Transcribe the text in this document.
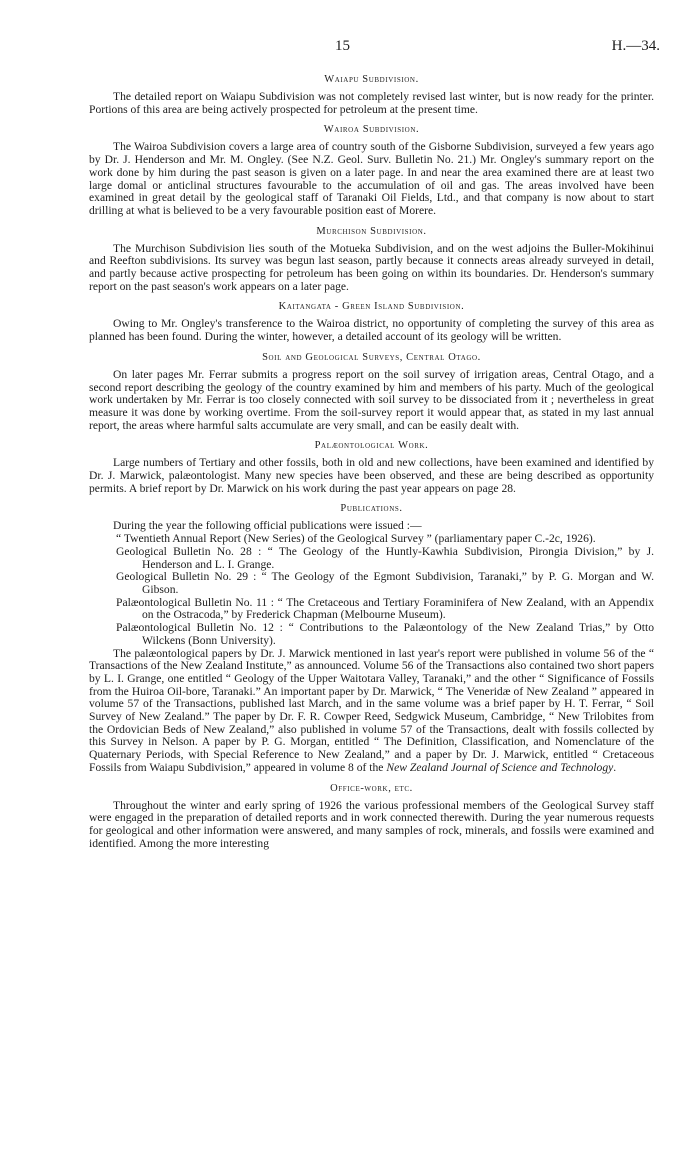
15	H.—34.
Waiapu Subdivision.

The detailed report on Waiapu Subdivision was not completely revised last winter, but is now ready for the printer. Portions of this area are being actively prospected for petroleum at the present time.

Wairoa Subdivision.

The Wairoa Subdivision covers a large area of country south of the Gisborne Subdivision, surveyed a few years ago by Dr. J. Henderson and Mr. M. Ongley. (See N.Z. Geol. Surv. Bulletin No. 21.) Mr. Ongley's summary report on the work done by him during the past season is given on a later page. In and near the area examined there are at least two large domal or anticlinal structures favourable to the accumulation of oil and gas. The areas involved have been examined in great detail by the geological staff of Taranaki Oil Fields, Ltd., and that company is now about to start drilling at what is believed to be a very favourable position east of Morere.

Murchison Subdivision.

The Murchison Subdivision lies south of the Motueka Subdivision, and on the west adjoins the Buller-Mokihinui and Reefton subdivisions. Its survey was begun last season, partly because it connects areas already surveyed in detail, and partly because active prospecting for petroleum has been going on within its boundaries. Dr. Henderson's summary report on the past season's work appears on a later page.

Kaitangata - Green Island Subdivision.

Owing to Mr. Ongley's transference to the Wairoa district, no opportunity of completing the survey of this area as planned has been found. During the winter, however, a detailed account of its geology will be written.

Soil and Geological Surveys, Central Otago.

On later pages Mr. Ferrar submits a progress report on the soil survey of irrigation areas, Central Otago, and a second report describing the geology of the country examined by him and members of his party. Much of the geological work undertaken by Mr. Ferrar is too closely connected with soil survey to be dissociated from it ; nevertheless in great measure it was done by working overtime. From the soil-survey report it would appear that, as stated in my last annual report, the areas where harmful salts accumulate are very small, and can be easily dealt with.

Palæontological Work.

Large numbers of Tertiary and other fossils, both in old and new collections, have been examined and identified by Dr. J. Marwick, palæontologist. Many new species have been observed, and these are being described as opportunity permits. A brief report by Dr. Marwick on his work during the past year appears on page 28.

Publications.

During the year the following official publications were issued :—

“ Twentieth Annual Report (New Series) of the Geological Survey ” (parliamentary paper C.-2c, 1926).
Geological Bulletin No. 28 : “ The Geology of the Huntly-Kawhia Subdivision, Pirongia Division,” by J. Henderson and L. I. Grange.
Geological Bulletin No. 29 : “ The Geology of the Egmont Subdivision, Taranaki,” by P. G. Morgan and W. Gibson.
Palæontological Bulletin No. 11 : “ The Cretaceous and Tertiary Foraminifera of New Zealand, with an Appendix on the Ostracoda,” by Frederick Chapman (Melbourne Museum).
Palæontological Bulletin No. 12 : “ Contributions to the Palæontology of the New Zealand Trias,” by Otto Wilckens (Bonn University).

The palæontological papers by Dr. J. Marwick mentioned in last year's report were published in volume 56 of the “ Transactions of the New Zealand Institute,” as announced. Volume 56 of the Transactions also contained two short papers by L. I. Grange, one entitled “ Geology of the Upper Waitotara Valley, Taranaki,” and the other “ Significance of Fossils from the Huiroa Oil-bore, Taranaki.” An important paper by Dr. Marwick, “ The Veneridæ of New Zealand ” appeared in volume 57 of the Transactions, published last March, and in the same volume was a brief paper by H. T. Ferrar, “ Soil Survey of New Zealand.” The paper by Dr. F. R. Cowper Reed, Sedgwick Museum, Cambridge, “ New Trilobites from the Ordovician Beds of New Zealand,” also published in volume 57 of the Transactions, dealt with fossils collected by this Survey in Nelson. A paper by P. G. Morgan, entitled “ The Definition, Classification, and Nomenclature of the Quaternary Periods, with Special Reference to New Zealand,” and a paper by Dr. J. Marwick, entitled “ Cretaceous Fossils from Waiapu Subdivision,” appeared in volume 8 of the New Zealand Journal of Science and Technology.

Office-work, etc.

Throughout the winter and early spring of 1926 the various professional members of the Geological Survey staff were engaged in the preparation of detailed reports and in work connected therewith. During the year numerous requests for geological and other information were answered, and many samples of rock, minerals, and fossils were examined and identified. Among the more interesting
